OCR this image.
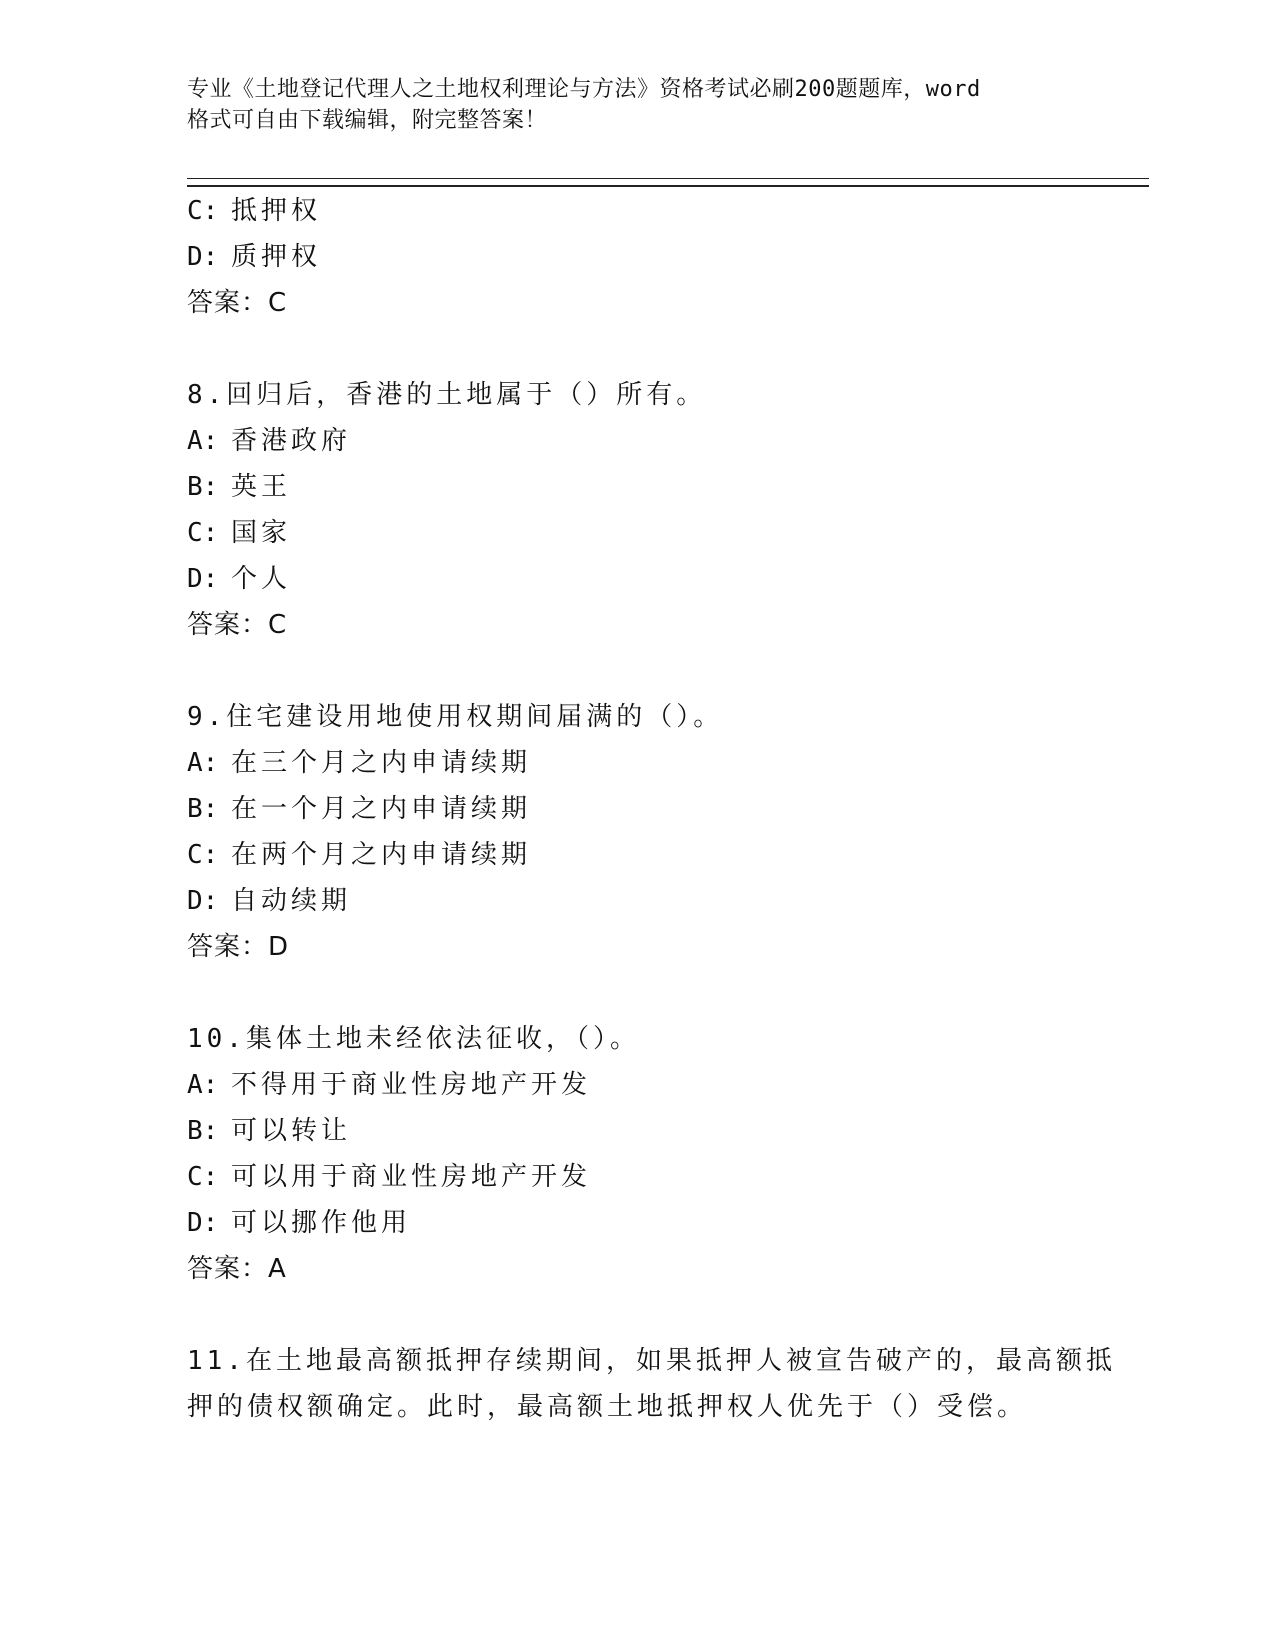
专业《土地登记代理人之土地权利理论与方法》资格考试必刷200题题库，word
格式可自由下载编辑，附完整答案！
C: 抵押权
D: 质押权
答案：C
8.回归后，香港的土地属于（）所有。
A: 香港政府
B: 英王
C: 国家
D: 个人
答案：C
9.住宅建设用地使用权期间届满的（）。
A: 在三个月之内申请续期
B: 在一个月之内申请续期
C: 在两个月之内申请续期
D: 自动续期
答案：D
10.集体土地未经依法征收，（）。
A: 不得用于商业性房地产开发
B: 可以转让
C: 可以用于商业性房地产开发
D: 可以挪作他用
答案：A
11.在土地最高额抵押存续期间，如果抵押人被宣告破产的，最高额抵
押的债权额确定。此时，最高额土地抵押权人优先于（）受偿。
